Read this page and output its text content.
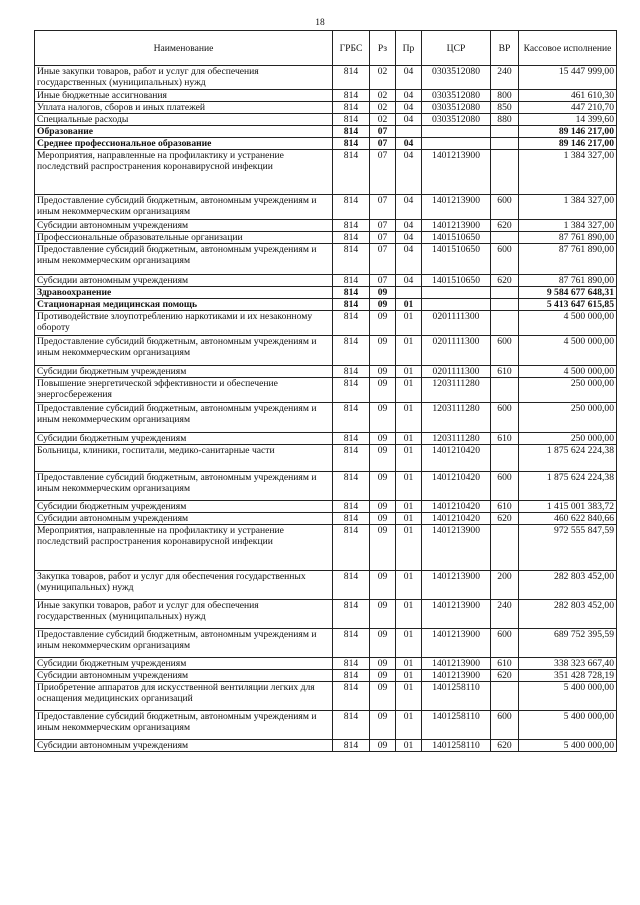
18
Наименование	ГРБС	Рз	Пр	ЦСР	ВР	Кассовое исполнение
Иные закупки товаров, работ и услуг для обеспечения государственных (муниципальных) нужд	814	02	04	0303512080	240	15 447 999,00
Иные бюджетные ассигнования	814	02	04	0303512080	800	461 610,30
Уплата налогов, сборов и иных платежей	814	02	04	0303512080	850	447 210,70
Специальные расходы	814	02	04	0303512080	880	14 399,60
Образование	814	07				89 146 217,00
Среднее профессиональное образование	814	07	04			89 146 217,00
Мероприятия, направленные на профилактику и устранение последствий распространения коронавирусной инфекции	814	07	04	1401213900		1 384 327,00
Предоставление субсидий бюджетным, автономным учреждениям и иным некоммерческим организациям	814	07	04	1401213900	600	1 384 327,00
Субсидии автономным учреждениям	814	07	04	1401213900	620	1 384 327,00
Профессиональные образовательные организации	814	07	04	1401510650		87 761 890,00
Предоставление субсидий бюджетным, автономным учреждениям и иным некоммерческим организациям	814	07	04	1401510650	600	87 761 890,00
Субсидии автономным учреждениям	814	07	04	1401510650	620	87 761 890,00
Здравоохранение	814	09				9 584 677 648,31
Стационарная медицинская помощь	814	09	01			5 413 647 615,85
Противодействие злоупотреблению наркотиками и их незаконному обороту	814	09	01	0201111300		4 500 000,00
Предоставление субсидий бюджетным, автономным учреждениям и иным некоммерческим организациям	814	09	01	0201111300	600	4 500 000,00
Субсидии бюджетным учреждениям	814	09	01	0201111300	610	4 500 000,00
Повышение энергетической эффективности и обеспечение энергосбережения	814	09	01	1203111280		250 000,00
Предоставление субсидий бюджетным, автономным учреждениям и иным некоммерческим организациям	814	09	01	1203111280	600	250 000,00
Субсидии бюджетным учреждениям	814	09	01	1203111280	610	250 000,00
Больницы, клиники, госпитали, медико-санитарные части	814	09	01	1401210420		1 875 624 224,38
Предоставление субсидий бюджетным, автономным учреждениям и иным некоммерческим организациям	814	09	01	1401210420	600	1 875 624 224,38
Субсидии бюджетным учреждениям	814	09	01	1401210420	610	1 415 001 383,72
Субсидии автономным учреждениям	814	09	01	1401210420	620	460 622 840,66
Мероприятия, направленные на профилактику и устранение последствий распространения коронавирусной инфекции	814	09	01	1401213900		972 555 847,59
Закупка товаров, работ и услуг для обеспечения государственных (муниципальных) нужд	814	09	01	1401213900	200	282 803 452,00
Иные закупки товаров, работ и услуг для обеспечения государственных (муниципальных) нужд	814	09	01	1401213900	240	282 803 452,00
Предоставление субсидий бюджетным, автономным учреждениям и иным некоммерческим организациям	814	09	01	1401213900	600	689 752 395,59
Субсидии бюджетным учреждениям	814	09	01	1401213900	610	338 323 667,40
Субсидии автономным учреждениям	814	09	01	1401213900	620	351 428 728,19
Приобретение аппаратов для искусственной вентиляции легких для оснащения медицинских организаций	814	09	01	1401258110		5 400 000,00
Предоставление субсидий бюджетным, автономным учреждениям и иным некоммерческим организациям	814	09	01	1401258110	600	5 400 000,00
Субсидии автономным учреждениям	814	09	01	1401258110	620	5 400 000,00
